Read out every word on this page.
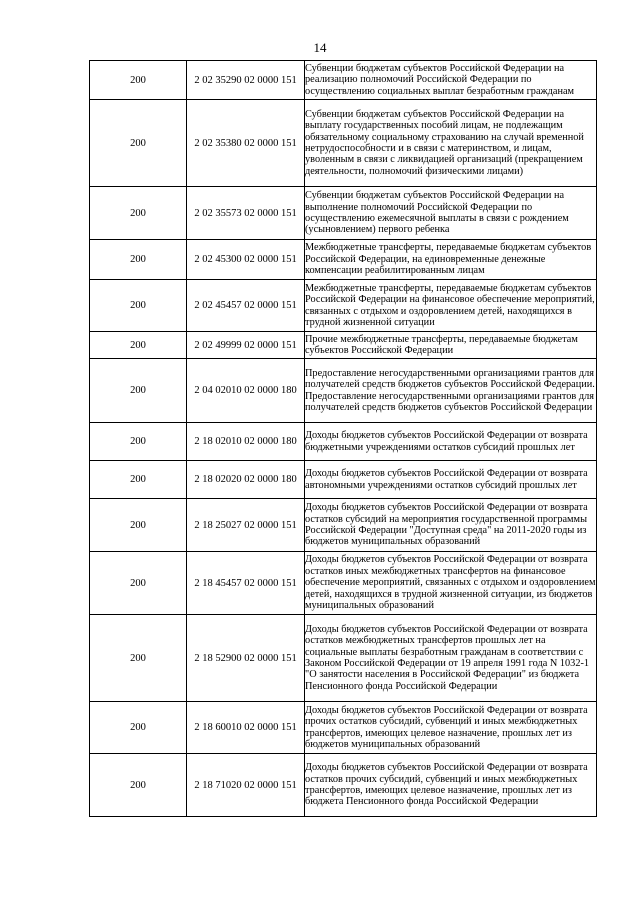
14
200	2 02 35290 02 0000 151	Субвенции бюджетам субъектов Российской Федерации на реализацию полномочий Российской Федерации по осуществлению социальных выплат безработным гражданам
200	2 02 35380 02 0000 151	Субвенции бюджетам субъектов Российской Федерации на выплату государственных пособий лицам, не подлежащим обязательному социальному страхованию на случай временной нетрудоспособности и в связи с материнством, и лицам, уволенным в связи с ликвидацией организаций (прекращением деятельности, полномочий физическими лицами)
200	2 02 35573 02 0000 151	Субвенции бюджетам субъектов Российской Федерации на выполнение полномочий Российской Федерации по осуществлению ежемесячной выплаты в связи с рождением (усыновлением) первого ребенка
200	2 02 45300 02 0000 151	Межбюджетные трансферты, передаваемые бюджетам субъектов Российской Федерации, на единовременные денежные компенсации реабилитированным лицам
200	2 02 45457 02 0000 151	Межбюджетные трансферты, передаваемые бюджетам субъектов Российской Федерации на финансовое обеспечение мероприятий, связанных с отдыхом и оздоровлением детей, находящихся в трудной жизненной ситуации
200	2 02 49999 02 0000 151	Прочие межбюджетные трансферты, передаваемые бюджетам субъектов Российской Федерации
200	2 04 02010 02 0000 180	Предоставление негосударственными организациями грантов для получателей средств бюджетов субъектов Российской Федерации. Предоставление негосударственными организациями грантов для получателей средств бюджетов субъектов Российской Федерации
200	2 18 02010 02 0000 180	Доходы бюджетов субъектов Российской Федерации от возврата бюджетными учреждениями остатков субсидий прошлых лет
200	2 18 02020 02 0000 180	Доходы бюджетов субъектов Российской Федерации от возврата автономными учреждениями остатков субсидий прошлых лет
200	2 18 25027 02 0000 151	Доходы бюджетов субъектов Российской Федерации от возврата остатков субсидий на мероприятия государственной программы Российской Федерации "Доступная среда" на 2011-2020 годы из бюджетов муниципальных образований
200	2 18 45457 02 0000 151	Доходы бюджетов субъектов Российской Федерации от возврата остатков иных межбюджетных трансфертов на финансовое обеспечение мероприятий, связанных с отдыхом и оздоровлением детей, находящихся в трудной жизненной ситуации, из бюджетов муниципальных образований
200	2 18 52900 02 0000 151	Доходы бюджетов субъектов Российской Федерации от возврата остатков межбюджетных трансфертов прошлых лет на социальные выплаты безработным гражданам в соответствии с Законом Российской Федерации от 19 апреля 1991 года N 1032-1 "О занятости населения в Российской Федерации" из бюджета Пенсионного фонда Российской Федерации
200	2 18 60010 02 0000 151	Доходы бюджетов субъектов Российской Федерации от возврата прочих остатков субсидий, субвенций и иных межбюджетных трансфертов, имеющих целевое назначение, прошлых лет из бюджетов муниципальных образований
200	2 18 71020 02 0000 151	Доходы бюджетов субъектов Российской Федерации от возврата остатков прочих субсидий, субвенций и иных межбюджетных трансфертов, имеющих целевое назначение, прошлых лет из бюджета Пенсионного фонда Российской Федерации
